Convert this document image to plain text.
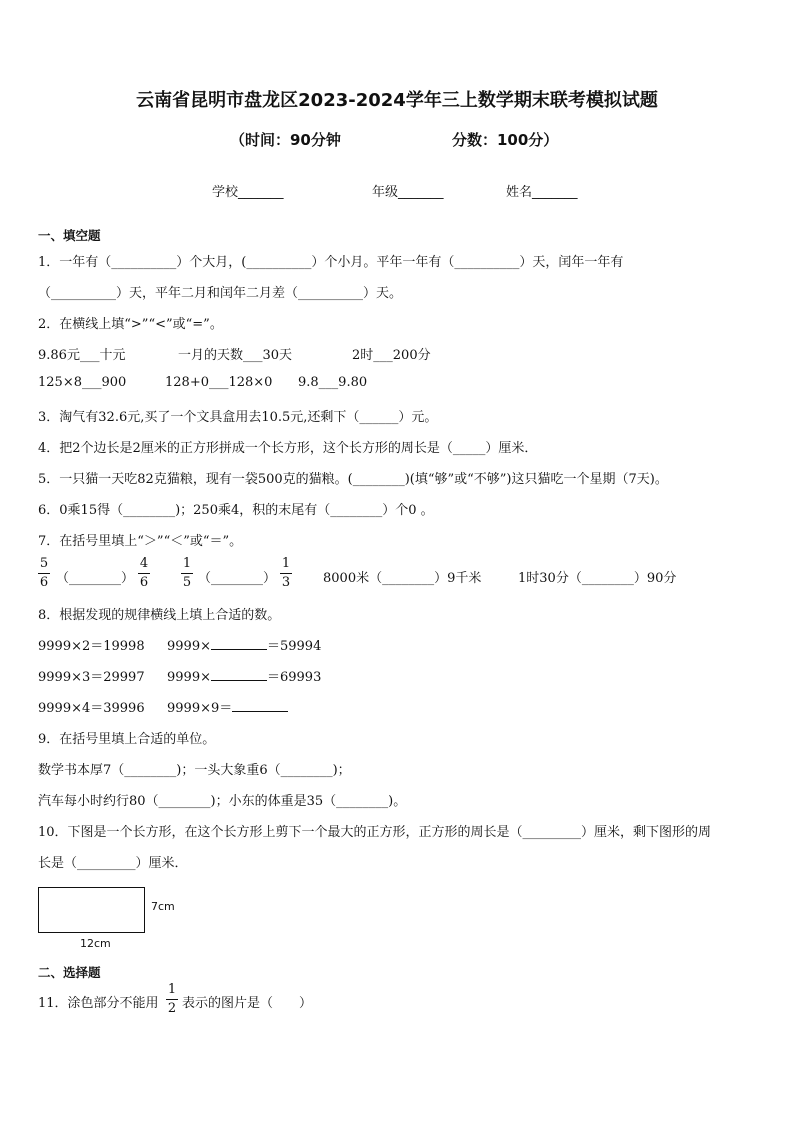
云南省昆明市盘龙区2023-2024学年三上数学期末联考模拟试题
（时间：90分钟	分数：100分）
学校_______	年级_______	姓名_______
一、填空题
1．一年有（__________）个大月，(__________）个小月。平年一年有（__________）天，闰年一年有
（__________）天，平年二月和闰年二月差（__________）天。
2．在横线上填“>”“<”或“=”。
9.86元___十元	一月的天数___30天	2时___200分
125×8___900	128+0___128×0 9.8___9.80
3．淘气有32.6元,买了一个文具盒用去10.5元,还剩下（______）元。
4．把2个边长是2厘米的正方形拼成一个长方形，这个长方形的周长是（_____）厘米．
5．一只猫一天吃82克猫粮，现有一袋500克的猫粮。(________)(填“够”或“不够”)这只猫吃一个星期（7天)。
6．0乘15得（________)；250乘4，积的末尾有（________）个0 。
7．在括号里填上“＞”“＜”或“＝”。
5
6 （________）
4
6
1
5 （________）
1
3	8000米（________）9千米	1时30分（________）90分
8．根据发现的规律横线上填上合适的数。
9999×2＝19998 9999×	＝59994
9999×3＝29997 9999×	＝69993
9999×4＝39996 9999×9＝
9．在括号里填上合适的单位。
数学书本厚7（________)；一头大象重6（________)；
汽车每小时约行80（________)；小东的体重是35（________)。
10．下图是一个长方形，在这个长方形上剪下一个最大的正方形，正方形的周长是（_________）厘米，剩下图形的周
长是（_________）厘米．
7cm
12cm
二、选择题
11．涂色部分不能用
1
2 表示的图片是（　　）
